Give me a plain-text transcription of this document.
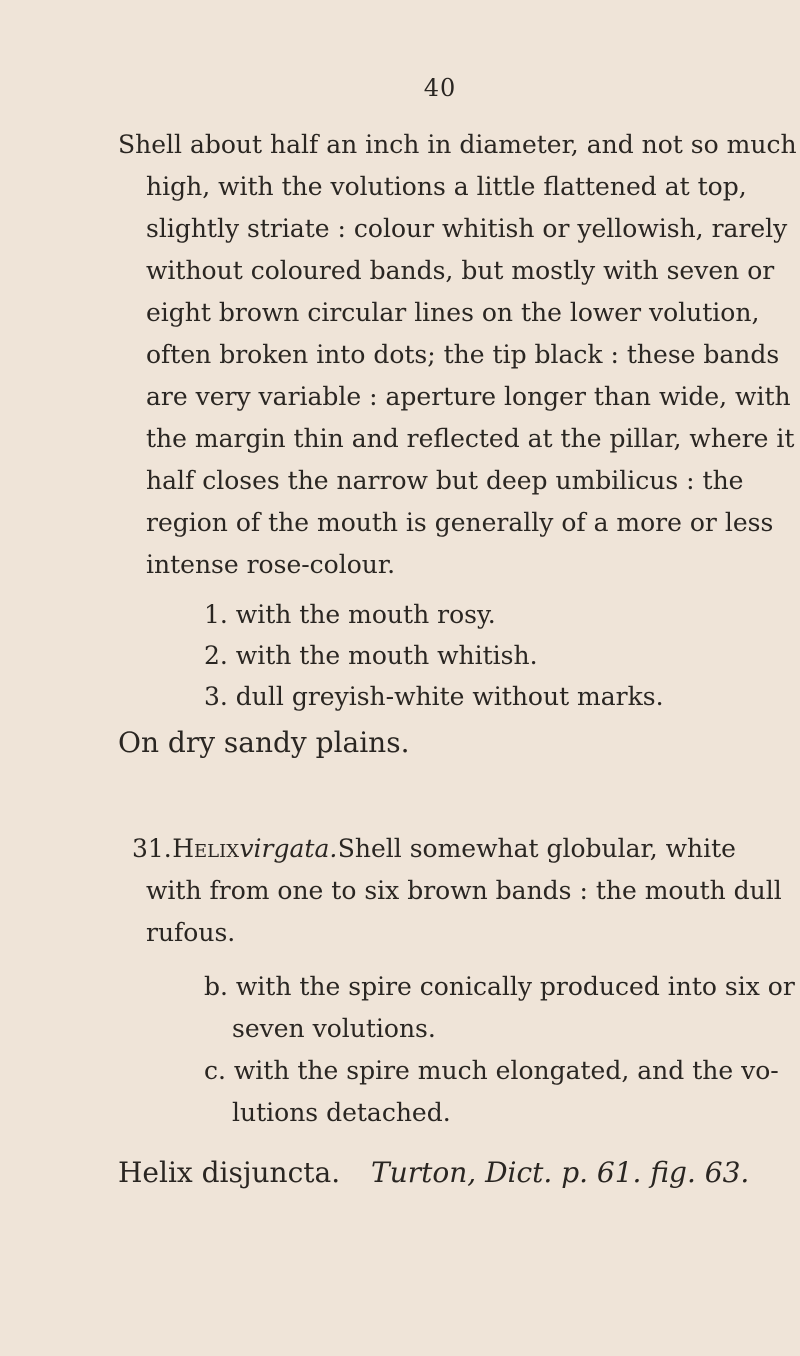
40
Shell about half an inch in diameter, and not so much
high, with the volutions a little flattened at top,
slightly striate : colour whitish or yellowish, rarely
without coloured bands, but mostly with seven or
eight brown circular lines on the lower volution,
often broken into dots; the tip black : these bands
are very variable : aperture longer than wide, with
the margin thin and reflected at the pillar, where it
half closes the narrow but deep umbilicus : the
region of the mouth is generally of a more or less
intense rose-colour.
1. with the mouth rosy.
2. with the mouth whitish.
3. dull greyish-white without marks.
On dry sandy plains.
31. Helix virgata. Shell somewhat globular, white
with from one to six brown bands : the mouth dull
rufous.
b. with the spire conically produced into six or
seven volutions.
c. with the spire much elongated, and the vo-
lutions detached.
Helix disjuncta. Turton, Dict. p. 61. fig. 63.
